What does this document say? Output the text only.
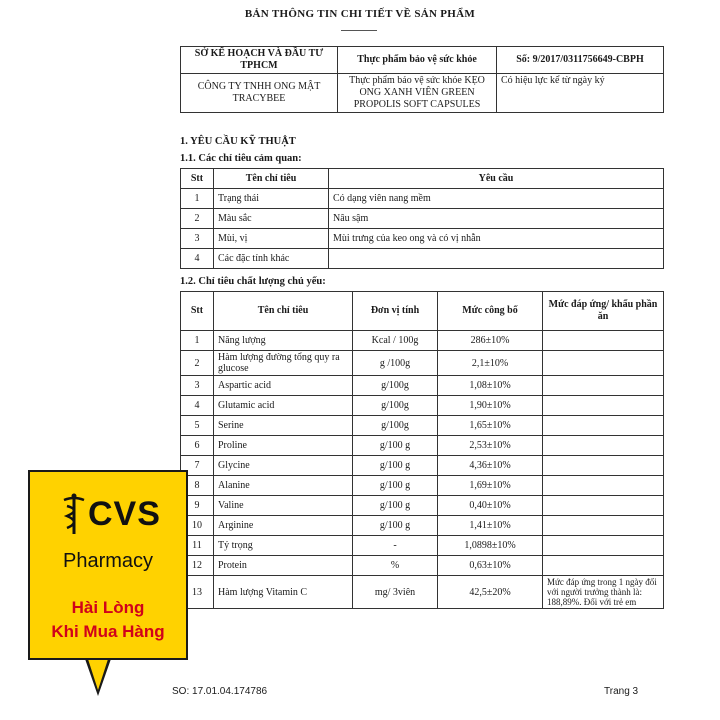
BẢN THÔNG TIN CHI TIẾT VỀ SẢN PHẨM
SỞ KẾ HOẠCH VÀ ĐẦU TƯ TPHCM	Thực phẩm bảo vệ sức khỏe	Số: 9/2017/0311756649-CBPH
CÔNG TY TNHH ONG MẬT TRACYBEE	Thực phẩm bảo vệ sức khỏe KẸO ONG XANH VIÊN GREEN PROPOLIS SOFT CAPSULES	Có hiệu lực kể từ ngày ký
1. YÊU CẦU KỸ THUẬT
1.1. Các chỉ tiêu cảm quan:
Stt	Tên chỉ tiêu	Yêu cầu
1	Trạng thái	Có dạng viên nang mềm
2	Màu sắc	Nâu sậm
3	Mùi, vị	Mùi trưng của keo ong và có vị nhẫn
4	Các đặc tính khác	
1.2. Chỉ tiêu chất lượng chủ yếu:
Stt	Tên chỉ tiêu	Đơn vị tính	Mức công bố	Mức đáp ứng/ khẩu phần ăn
1	Năng lượng	Kcal / 100g	286±10%	
2	Hàm lượng đường tổng quy ra glucose	g /100g	2,1±10%	
3	Aspartic acid	g/100g	1,08±10%	
4	Glutamic acid	g/100g	1,90±10%	
5	Serine	g/100g	1,65±10%	
6	Proline	g/100 g	2,53±10%	
7	Glycine	g/100 g	4,36±10%	
8	Alanine	g/100 g	1,69±10%	
9	Valine	g/100 g	0,40±10%	
10	Arginine	g/100 g	1,41±10%	
11	Tỷ trọng	-	1,0898±10%	
12	Protein	%	0,63±10%	
13	Hàm lượng Vitamin C	mg/ 3viên	42,5±20%	Mức đáp ứng trong 1 ngày đối với người trưởng thành là: 188,89%. Đối với trẻ em
SO: 17.01.04.174786	Trang 3
CVS
Pharmacy
Hài Lòng
Khi Mua Hàng
